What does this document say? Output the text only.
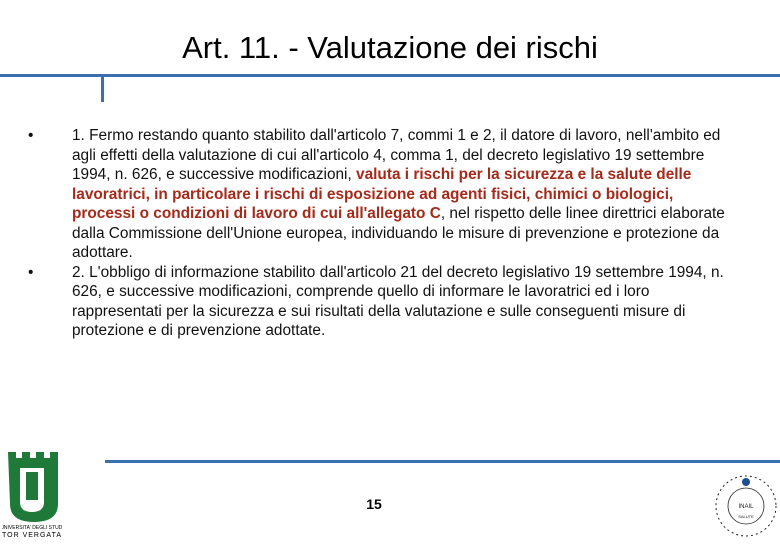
Art. 11. - Valutazione dei rischi

•	1. Fermo restando quanto stabilito dall'articolo 7, commi 1 e 2, il datore di lavoro, nell'ambito ed agli effetti della valutazione di cui all'articolo 4, comma 1, del decreto legislativo 19 settembre 1994, n. 626, e successive modificazioni, valuta i rischi per la sicurezza e la salute delle lavoratrici, in particolare i rischi di esposizione ad agenti fisici, chimici o biologici, processi o condizioni di lavoro di cui all'allegato C, nel rispetto delle linee direttrici elaborate dalla Commissione dell'Unione europea, individuando le misure di prevenzione e protezione da adottare.

•	2. L'obbligo di informazione stabilito dall'articolo 21 del decreto legislativo 19 settembre 1994, n. 626, e successive modificazioni, comprende quello di informare le lavoratrici ed i loro rappresentati per la sicurezza e sui risultati della valutazione e sulle conseguenti misure di protezione e di prevenzione adottate.

15
UNIVERSITA' DEGLI STUDI
TOR VERGATA
INAIL
SALUTE
